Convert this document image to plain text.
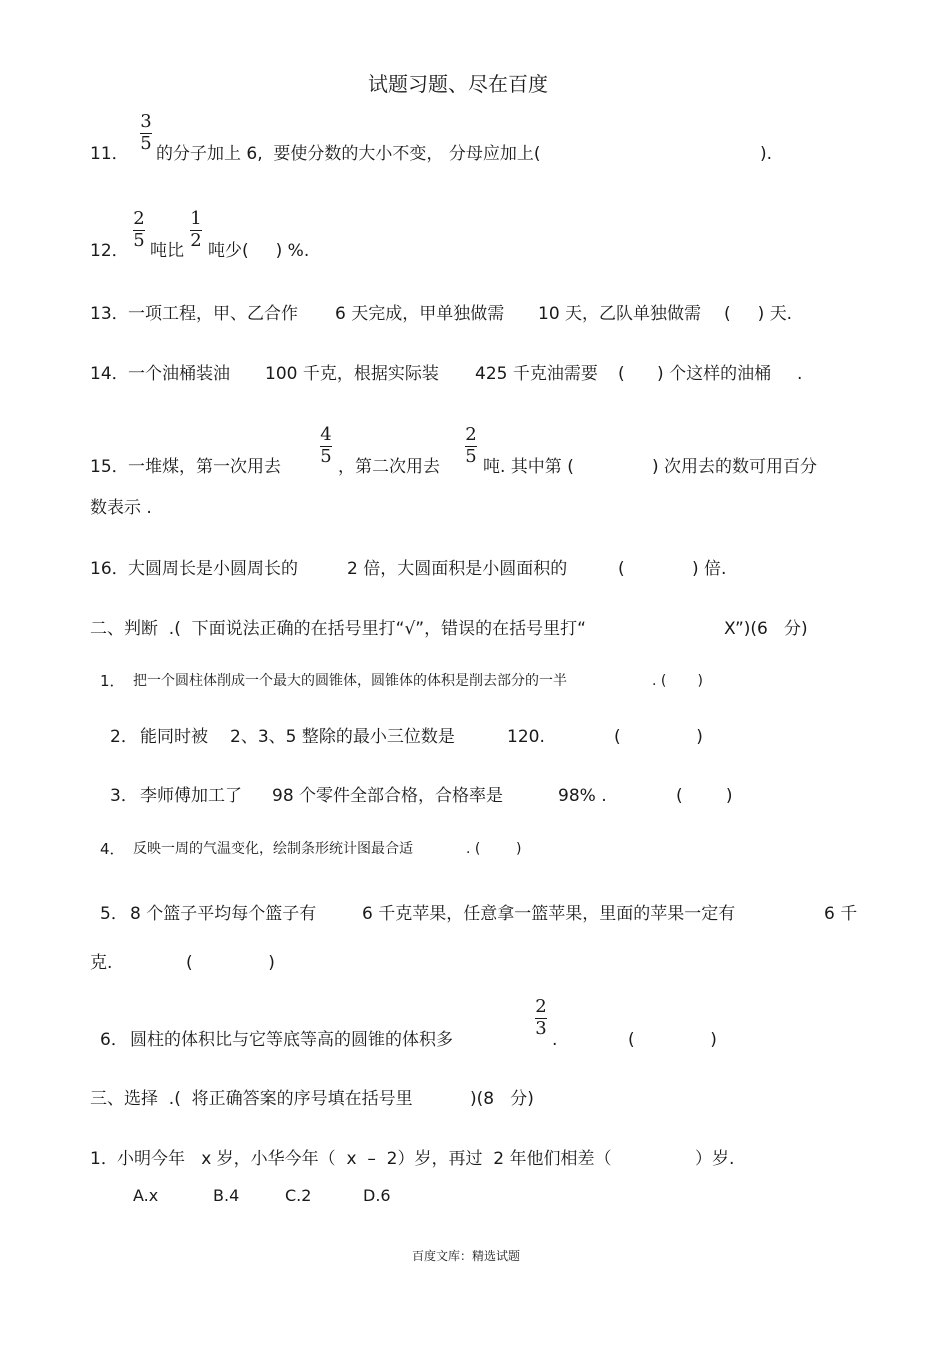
试题习题、尽在百度
11．
3
5 的分子加上 6,  要使分数的大小不变， 分母应加上(	).
12．
2
5 吨比
1
2 吨少(     ) %.
13． 一项工程，甲、乙合作 6 天完成，甲单独做需 10 天，乙队单独做需 (     ) 天.
14． 一个油桶装油 100 千克，根据实际装 425 千克油需要 (      ) 个这样的油桶 .
15． 一堆煤，第一次用去
4
5 ，第二次用去
2
5 吨. 其中第 (	) 次用去的数可用百分
数表示 .
16． 大圆周长是小圆周长的	2 倍，大圆面积是小圆面积的	(	) 倍.
二、判断  .(  下面说法正确的在括号里打“√”，错误的在括号里打“	X”)(6   分)
1． 把一个圆柱体削成一个最大的圆锥体，圆锥体的体积是削去部分的一半	. (       )
2． 能同时被 2、3、5 整除的最小三位数是	120.	(              )
3． 李师傅加工了 98 个零件全部合格，合格率是	98% .	(        )
4． 反映一周的气温变化，绘制条形统计图最合适	. (        )
5． 8 个篮子平均每个篮子有	6 千克苹果，任意拿一篮苹果，里面的苹果一定有	6 千
克.	(              )
6． 圆柱的体积比与它等底等高的圆锥的体积多
2
3
.	(              )
三、选择  .(  将正确答案的序号填在括号里	)(8   分)
1． 小明今年   x 岁，小华今年（  x  –  2）岁，再过  2 年他们相差（	）岁.
A.x	B.4	C.2	D.6
百度文库：精选试题
